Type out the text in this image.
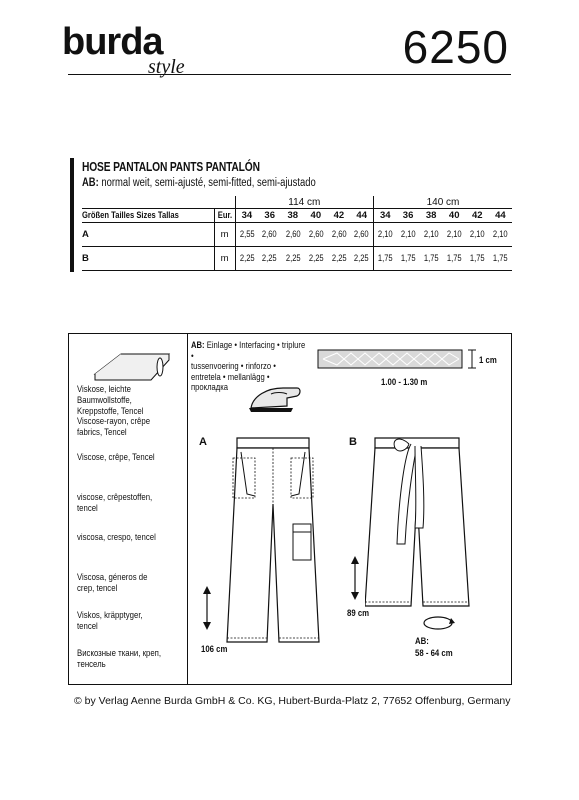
burda
style	6250
HOSE PANTALON PANTS PANTALÓN
AB: normal weit, semi-ajusté, semi-fitted, semi-ajustado
		114 cm						140 cm					
Größen Tailles Sizes Tallas	Eur.	34	36	38	40	42	44	34	36	38	40	42	44
A	m	2,55	2,60	2,60	2,60	2,60	2,60	2,10	2,10	2,10	2,10	2,10	2,10
B	m	2,25	2,25	2,25	2,25	2,25	2,25	1,75	1,75	1,75	1,75	1,75	1,75
Viskose, leichte Baumwollstoffe, Kreppstoffe, Tencel
Viscose-rayon, crêpe fabrics, Tencel
Viscose, crêpe, Tencel
viscose, crêpestoffen, tencel
viscosa, crespo, tencel
Viscosa, géneros de crep, tencel
Viskos, kräpptyger, tencel
Вискозные ткани, креп, тенсель
AB: Einlage • Interfacing • triplure •
tussenvoering • rinforzo •
entretela • mellanlägg •
прокладка
1 cm
1.00 - 1.30 m
A	B
106 cm
89 cm
AB:
58 - 64 cm
© by Verlag Aenne Burda GmbH & Co. KG, Hubert-Burda-Platz 2, 77652 Offenburg, Germany
